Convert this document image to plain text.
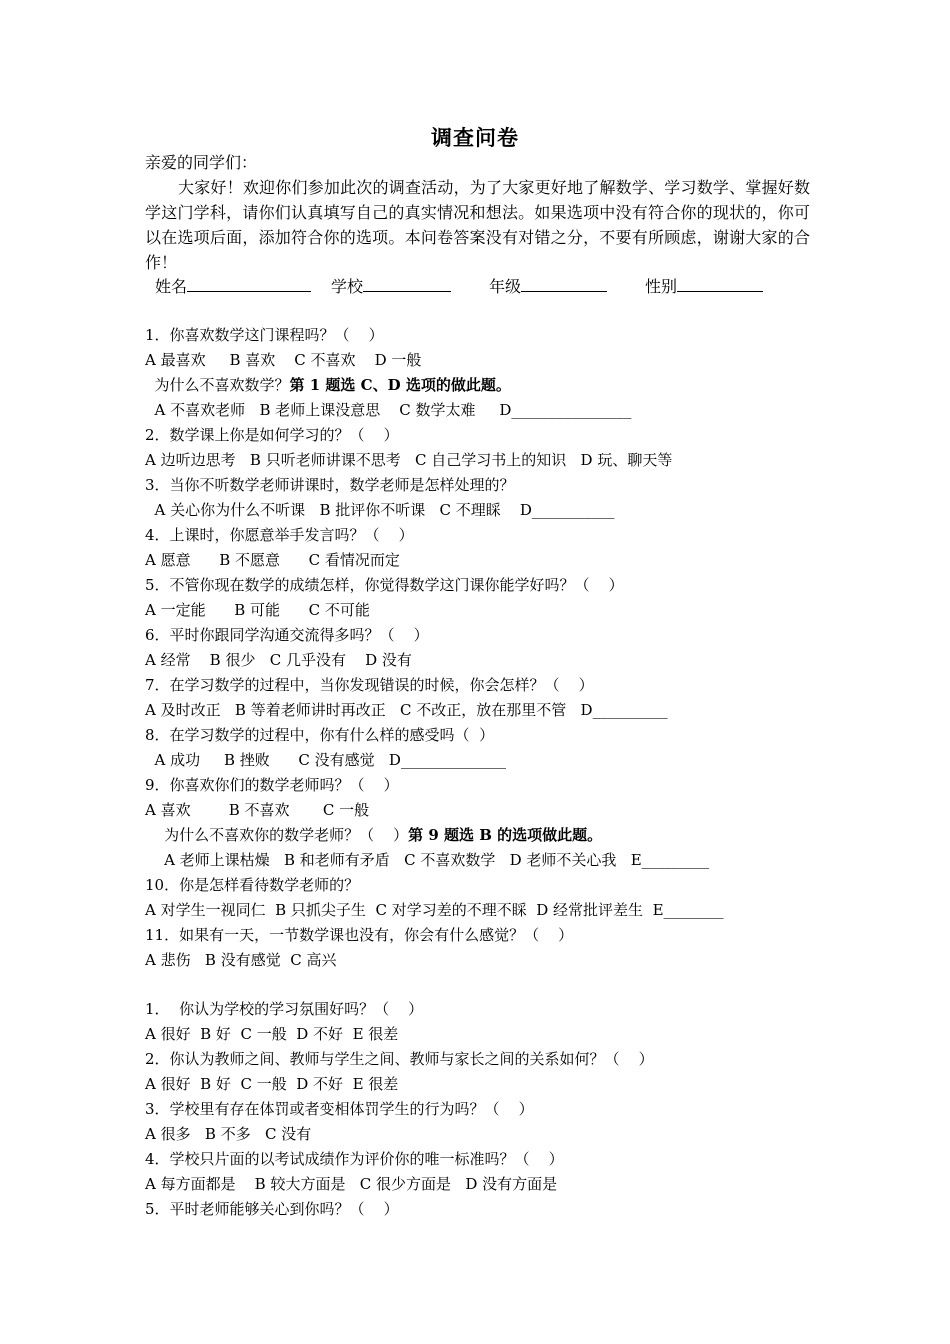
调查问卷
亲爱的同学们：
大家好！欢迎你们参加此次的调查活动，为了大家更好地了解数学、学习数学、掌握好数学这门学科，请你们认真填写自己的真实情况和想法。如果选项中没有符合你的现状的，你可以在选项后面，添加符合你的选项。本问卷答案没有对错之分，不要有所顾虑，谢谢大家的合作！
姓名	学校	年级	性别
1．你喜欢数学这门课程吗？（    ）
A 最喜欢     B 喜欢    C 不喜欢    D 一般
为什么不喜欢数学？第 1 题选 C、D 选项的做此题。
A 不喜欢老师   B 老师上课没意思    C 数学太难     D________________
2．数学课上你是如何学习的？（    ）
A 边听边思考   B 只听老师讲课不思考   C 自己学习书上的知识   D 玩、聊天等
3．当你不听数学老师讲课时，数学老师是怎样处理的？
A 关心你为什么不听课   B 批评你不听课   C 不理睬    D___________
4．上课时，你愿意举手发言吗？（    ）
A 愿意      B 不愿意      C 看情况而定
5．不管你现在数学的成绩怎样，你觉得数学这门课你能学好吗？（    ）
A 一定能      B 可能      C 不可能
6．平时你跟同学沟通交流得多吗？（    ）
A 经常    B 很少   C 几乎没有    D 没有
7．在学习数学的过程中，当你发现错误的时候，你会怎样？（    ）
A 及时改正   B 等着老师讲时再改正   C 不改正，放在那里不管   D__________
8．在学习数学的过程中，你有什么样的感受吗（  ）
A 成功     B 挫败      C 没有感觉   D______________
9．你喜欢你们的数学老师吗？（    ）
A 喜欢        B 不喜欢       C 一般
为什么不喜欢你的数学老师？（    ）第 9 题选 B 的选项做此题。
A 老师上课枯燥   B 和老师有矛盾   C 不喜欢数学   D 老师不关心我   E_________
10．你是怎样看待数学老师的？
A 对学生一视同仁  B 只抓尖子生  C 对学习差的不理不睬  D 经常批评差生  E________
11．如果有一天，一节数学课也没有，你会有什么感觉？（    ）
A 悲伤   B 没有感觉  C 高兴
1．  你认为学校的学习氛围好吗？（    ）
A 很好  B 好  C 一般  D 不好  E 很差
2．你认为教师之间、教师与学生之间、教师与家长之间的关系如何？（    ）
A 很好  B 好  C 一般  D 不好  E 很差
3．学校里有存在体罚或者变相体罚学生的行为吗？（    ）
A 很多   B 不多   C 没有
4．学校只片面的以考试成绩作为评价你的唯一标准吗？（    ）
A 每方面都是    B 较大方面是   C 很少方面是   D 没有方面是
5．平时老师能够关心到你吗？（    ）
